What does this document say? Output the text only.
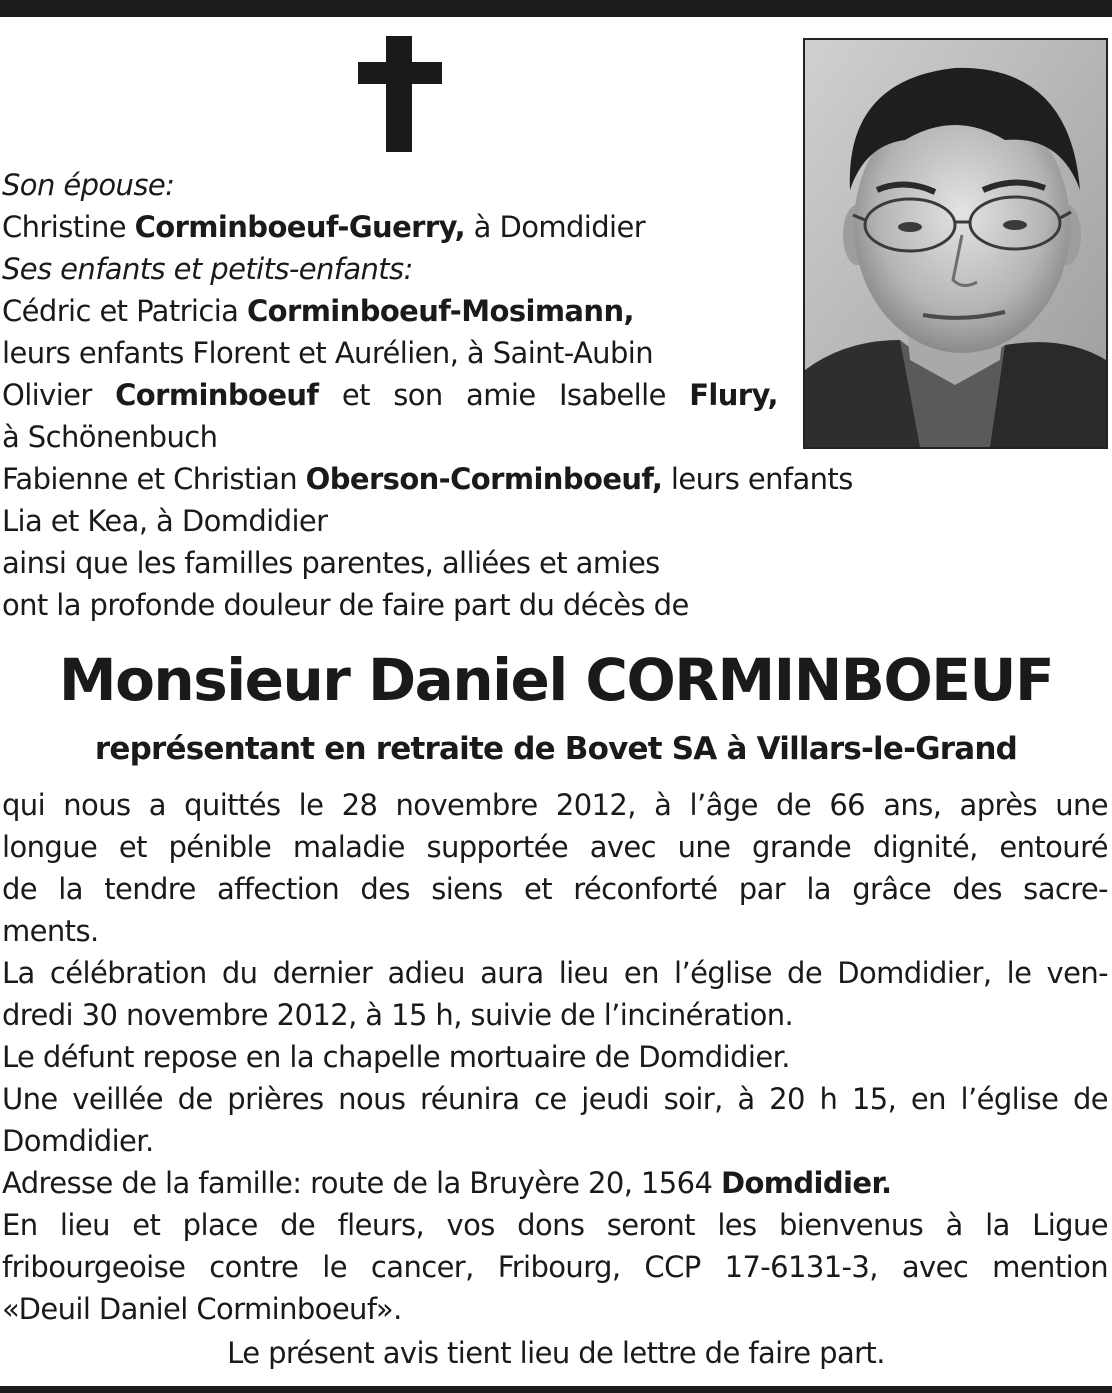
Son épouse:
Christine Corminboeuf-Guerry, à Domdidier
Ses enfants et petits-enfants:
Cédric et Patricia Corminboeuf-Mosimann,
leurs enfants Florent et Aurélien, à Saint-Aubin
Olivier Corminboeuf et son amie Isabelle Flury,
à Schönenbuch
Fabienne et Christian Oberson-Corminboeuf, leurs enfants
Lia et Kea, à Domdidier
ainsi que les familles parentes, alliées et amies
ont la profonde douleur de faire part du décès de
Monsieur Daniel CORMINBOEUF
représentant en retraite de Bovet SA à Villars-le-Grand
qui nous a quittés le 28 novembre 2012, à l’âge de 66 ans, après une
longue et pénible maladie supportée avec une grande dignité, entouré
de la tendre affection des siens et réconforté par la grâce des sacre-
ments.
La célébration du dernier adieu aura lieu en l’église de Domdidier, le ven-
dredi 30 novembre 2012, à 15 h, suivie de l’incinération.
Le défunt repose en la chapelle mortuaire de Domdidier.
Une veillée de prières nous réunira ce jeudi soir, à 20 h 15, en l’église de
Domdidier.
Adresse de la famille: route de la Bruyère 20, 1564 Domdidier.
En lieu et place de fleurs, vos dons seront les bienvenus à la Ligue
fribourgeoise contre le cancer, Fribourg, CCP 17-6131-3, avec mention
«Deuil Daniel Corminboeuf».
Le présent avis tient lieu de lettre de faire part.
